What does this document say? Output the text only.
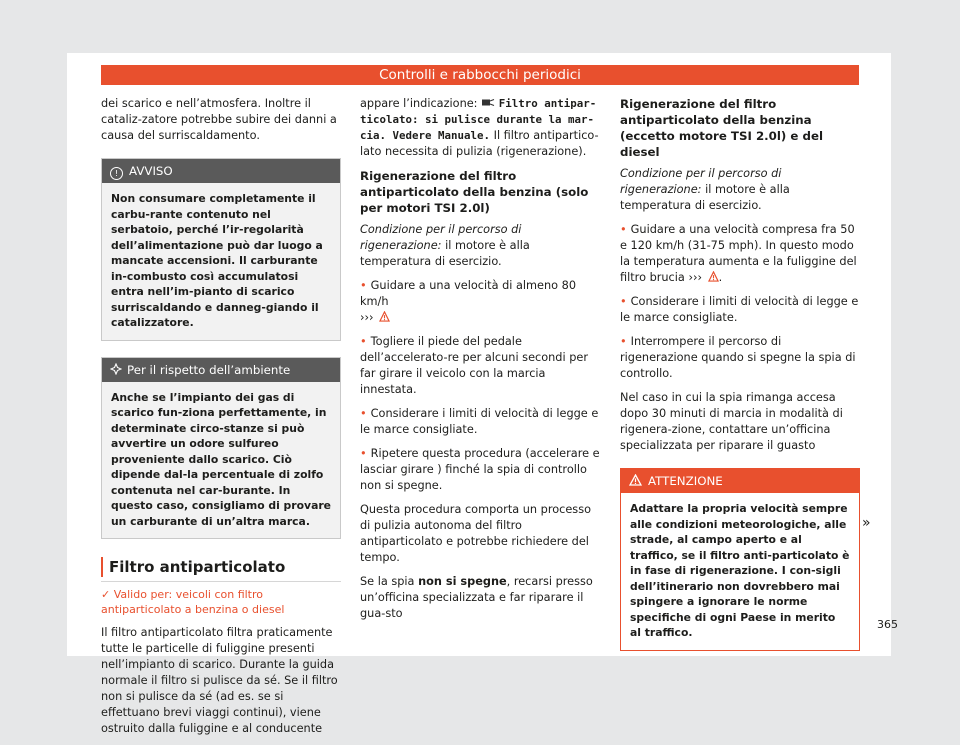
Controlli e rabbocchi periodici

dei scarico e nell’atmosfera. Inoltre il cataliz-zatore potrebbe subire dei danni a causa del surriscaldamento.

! AVVISO
Non consumare completamente il carbu-rante contenuto nel serbatoio, perché l’ir-regolarità dell’alimentazione può dar luogo a mancate accensioni. Il carburante in-combusto così accumulatosi entra nell’im-pianto di scarico surriscaldando e danneg-giando il catalizzatore.
Per il rispetto dell’ambiente
Anche se l’impianto dei gas di scarico fun-ziona perfettamente, in determinate circo-stanze si può avvertire un odore sulfureo proveniente dallo scarico. Ciò dipende dal-la percentuale di zolfo contenuta nel car-burante. In questo caso, consigliamo di provare un carburante di un’altra marca.
Filtro antiparticolato

✓ Valido per: veicoli con filtro antiparticolato a benzina o diesel

Il filtro antiparticolato filtra praticamente tutte le particelle di fuliggine presenti nell’impianto di scarico. Durante la guida normale il filtro si pulisce da sé. Se il filtro non si pulisce da sé (ad es. se si effettuano brevi viaggi continui), viene ostruito dalla fuliggine e al conducente

appare l’indicazione:  Filtro antipar-ticolato: si pulisce durante la mar-cia. Vedere Manuale. Il filtro antipartico-lato necessita di pulizia (rigenerazione).

Rigenerazione del filtro antiparticolato della benzina (solo per motori TSI 2.0l)

Condizione per il percorso di rigenerazione: il motore è alla temperatura di esercizio.

• Guidare a una velocità di almeno 80 km/h
›››

• Togliere il piede del pedale dell’accelerato-re per alcuni secondi per far girare il veicolo con la marcia innestata.

• Considerare i limiti di velocità di legge e le marce consigliate.

• Ripetere questa procedura (accelerare e lasciar girare ) finché la spia di controllo non si spegne.

Questa procedura comporta un processo di pulizia autonoma del filtro antiparticolato e potrebbe richiedere del tempo.

Se la spia non si spegne, recarsi presso un’officina specializzata e far riparare il gua-sto

Rigenerazione del filtro antiparticolato della benzina (eccetto motore TSI 2.0l) e del diesel

Condizione per il percorso di rigenerazione: il motore è alla temperatura di esercizio.

• Guidare a una velocità compresa fra 50 e 120 km/h (31-75 mph). In questo modo la temperatura aumenta e la fuliggine del filtro brucia ››› .

• Considerare i limiti di velocità di legge e le marce consigliate.

• Interrompere il percorso di rigenerazione quando si spegne la spia di controllo.

Nel caso in cui la spia rimanga accesa dopo 30 minuti di marcia in modalità di rigenera-zione, contattare un’officina specializzata per riparare il guasto

ATTENZIONE
Adattare la propria velocità sempre alle condizioni meteorologiche, alle strade, al campo aperto e al traffico, se il filtro anti-particolato è in fase di rigenerazione. I con-sigli dell’itinerario non dovrebbero mai spingere a ignorare le norme specifiche di ogni Paese in merito al traffico.
»
365
